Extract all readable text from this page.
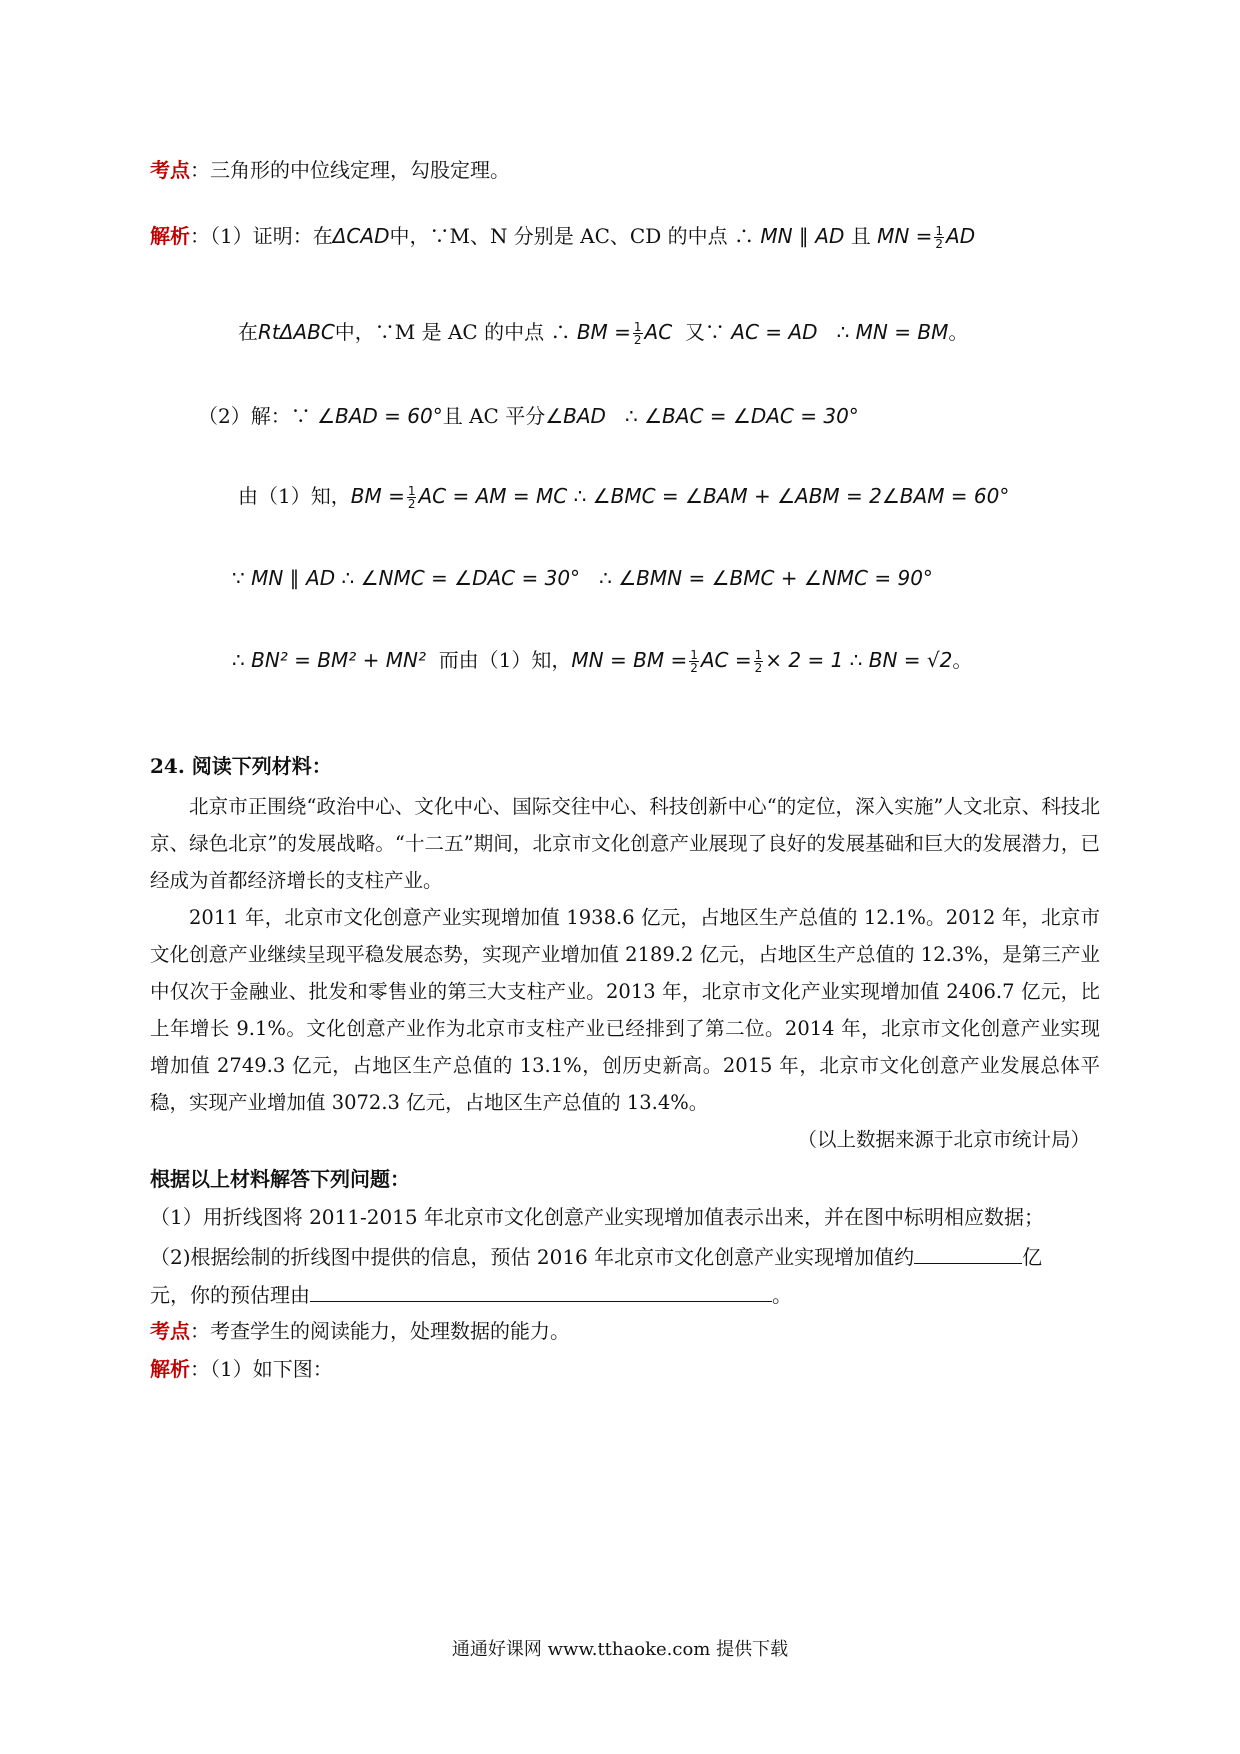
考点：三角形的中位线定理，勾股定理。
解析：（1）证明：在ΔCAD中，∵M、N 分别是 AC、CD 的中点 ∴ MN ∥ AD 且 MN = $\frac{1}{2}$ AD
在RtΔABC中，∵M 是 AC 的中点 ∴ BM = $\frac{1}{2}$ AC 又∵ AC = AD ∴ MN = BM。
（2）解：∵ ∠BAD = 60°且 AC 平分∠BAD ∴ ∠BAC = ∠DAC = 30°
由（1）知，BM = $\frac{1}{2}$ AC = AM = MC ∴ ∠BMC = ∠BAM + ∠ABM = 2∠BAM = 60°
∵ MN ∥ AD ∴ ∠NMC = ∠DAC = 30° ∴ ∠BMN = ∠BMC + ∠NMC = 90°
∴ BN² = BM² + MN² 而由（1）知，MN = BM = $\frac{1}{2}$ AC = $\frac{1}{2} \times 2 = 1$ ∴ BN = √2。
24. 阅读下列材料：

北京市正围绕“政治中心、文化中心、国际交往中心、科技创新中心“的定位，深入实施”人文北京、科技北京、绿色北京”的发展战略。“十二五”期间，北京市文化创意产业展现了良好的发展基础和巨大的发展潜力，已经成为首都经济增长的支柱产业。

2011 年，北京市文化创意产业实现增加值 1938.6 亿元，占地区生产总值的 12.1%。2012 年，北京市文化创意产业继续呈现平稳发展态势，实现产业增加值 2189.2 亿元，占地区生产总值的 12.3%，是第三产业中仅次于金融业、批发和零售业的第三大支柱产业。2013 年，北京市文化产业实现增加值 2406.7 亿元，比上年增长 9.1%。文化创意产业作为北京市支柱产业已经排到了第二位。2014 年，北京市文化创意产业实现增加值 2749.3 亿元，占地区生产总值的 13.1%，创历史新高。2015 年，北京市文化创意产业发展总体平稳，实现产业增加值 3072.3 亿元，占地区生产总值的 13.4%。

（以上数据来源于北京市统计局）
根据以上材料解答下列问题：
（1）用折线图将 2011-2015 年北京市文化创意产业实现增加值表示出来，并在图中标明相应数据；
（2)根据绘制的折线图中提供的信息，预估 2016 年北京市文化创意产业实现增加值约	亿
元，你的预估理由	。
考点：考查学生的阅读能力，处理数据的能力。
解析：（1）如下图：
通通好课网 www.tthaoke.com 提供下载
